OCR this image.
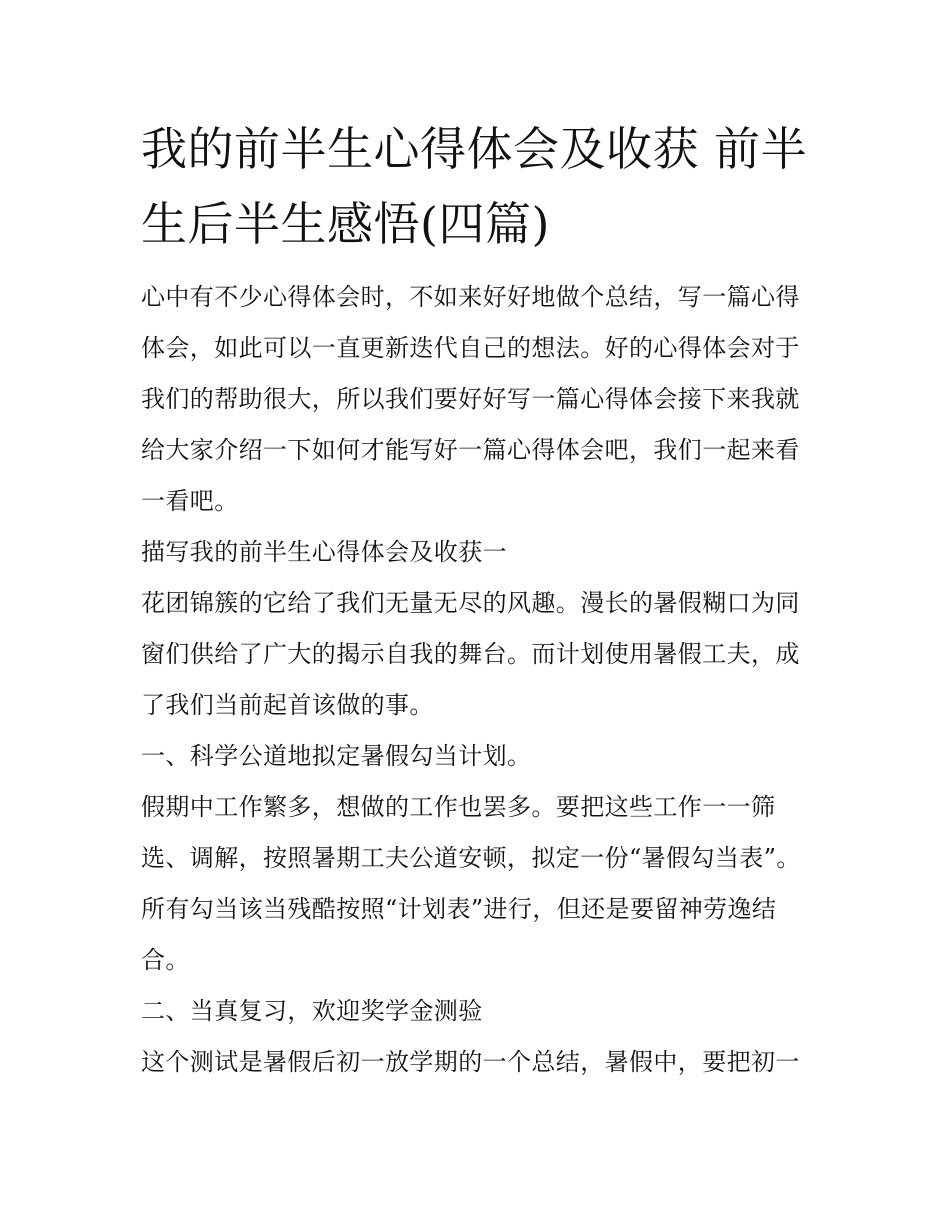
我的前半生心得体会及收获 前半生后半生感悟(四篇)

心中有不少心得体会时，不如来好好地做个总结，写一篇心得体会，如此可以一直更新迭代自己的想法。好的心得体会对于我们的帮助很大，所以我们要好好写一篇心得体会接下来我就给大家介绍一下如何才能写好一篇心得体会吧，我们一起来看一看吧。

描写我的前半生心得体会及收获一

花团锦簇的它给了我们无量无尽的风趣。漫长的暑假糊口为同窗们供给了广大的揭示自我的舞台。而计划使用暑假工夫，成了我们当前起首该做的事。

一、科学公道地拟定暑假勾当计划。

假期中工作繁多，想做的工作也罢多。要把这些工作一一筛选、调解，按照暑期工夫公道安顿，拟定一份“暑假勾当表”。所有勾当该当残酷按照“计划表”进行，但还是要留神劳逸结合。

二、当真复习，欢迎奖学金测验

这个测试是暑假后初一放学期的一个总结，暑假中，要把初一
